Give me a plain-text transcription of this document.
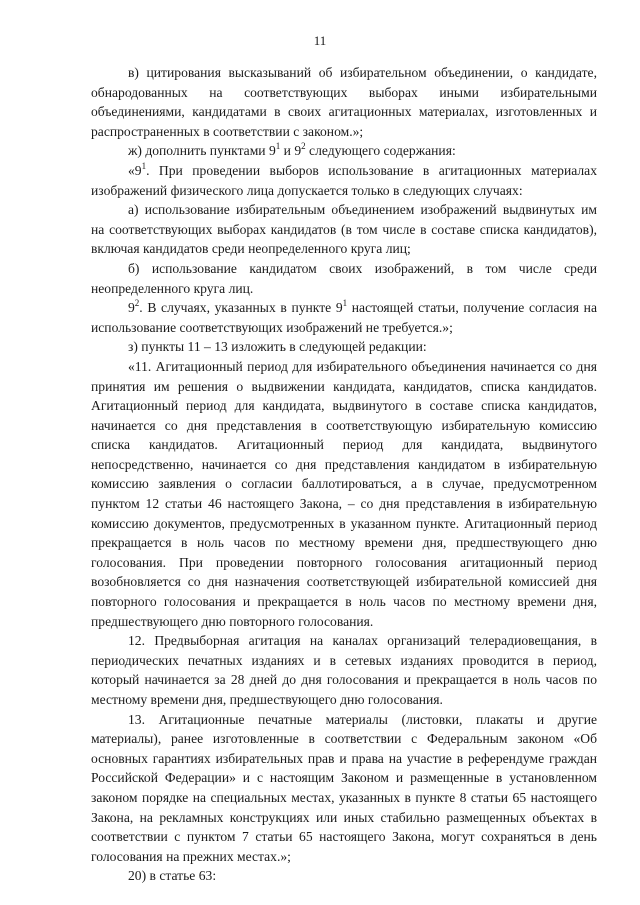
11

в) цитирования высказываний об избирательном объединении, о кандидате, обнародованных на соответствующих выборах иными избирательными объединениями, кандидатами в своих агитационных материалах, изготовленных и распространенных в соответствии с законом.»;

ж) дополнить пунктами $9^1$ и $9^2$ следующего содержания:

«$9^1$. При проведении выборов использование в агитационных материалах изображений физического лица допускается только в следующих случаях:

а) использование избирательным объединением изображений выдвинутых им на соответствующих выборах кандидатов (в том числе в составе списка кандидатов), включая кандидатов среди неопределенного круга лиц;

б) использование кандидатом своих изображений, в том числе среди неопределенного круга лиц.

$9^2$. В случаях, указанных в пункте $9^1$ настоящей статьи, получение согласия на использование соответствующих изображений не требуется.»;

з) пункты 11 – 13 изложить в следующей редакции:

«11. Агитационный период для избирательного объединения начинается со дня принятия им решения о выдвижении кандидата, кандидатов, списка кандидатов. Агитационный период для кандидата, выдвинутого в составе списка кандидатов, начинается со дня представления в соответствующую избирательную комиссию списка кандидатов. Агитационный период для кандидата, выдвинутого непосредственно, начинается со дня представления кандидатом в избирательную комиссию заявления о согласии баллотироваться, а в случае, предусмотренном пунктом 12 статьи 46 настоящего Закона, – со дня представления в избирательную комиссию документов, предусмотренных в указанном пункте. Агитационный период прекращается в ноль часов по местному времени дня, предшествующего дню голосования. При проведении повторного голосования агитационный период возобновляется со дня назначения соответствующей избирательной комиссией дня повторного голосования и прекращается в ноль часов по местному времени дня, предшествующего дню повторного голосования.

12. Предвыборная агитация на каналах организаций телерадиовещания, в периодических печатных изданиях и в сетевых изданиях проводится в период, который начинается за 28 дней до дня голосования и прекращается в ноль часов по местному времени дня, предшествующего дню голосования.

13. Агитационные печатные материалы (листовки, плакаты и другие материалы), ранее изготовленные в соответствии с Федеральным законом «Об основных гарантиях избирательных прав и права на участие в референдуме граждан Российской Федерации» и с настоящим Законом и размещенные в установленном законом порядке на специальных местах, указанных в пункте 8 статьи 65 настоящего Закона, на рекламных конструкциях или иных стабильно размещенных объектах в соответствии с пунктом 7 статьи 65 настоящего Закона, могут сохраняться в день голосования на прежних местах.»;

20) в статье 63:
